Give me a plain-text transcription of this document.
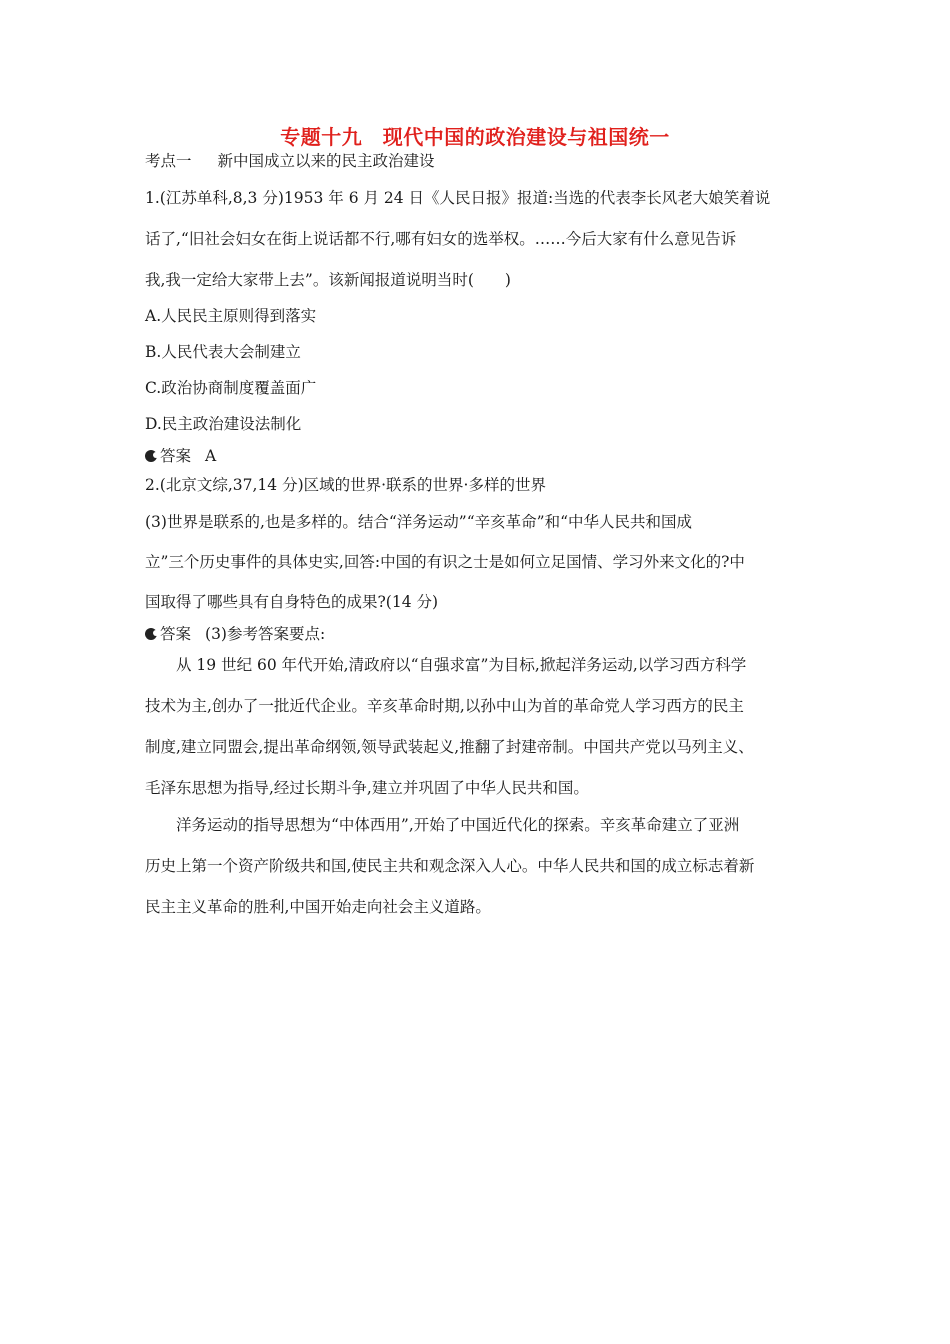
专题十九　现代中国的政治建设与祖国统一
考点一 新中国成立以来的民主政治建设
1.(江苏单科,8,3 分)1953 年 6 月 24 日《人民日报》报道:当选的代表李长风老大娘笑着说
话了,“旧社会妇女在街上说话都不行,哪有妇女的选举权。……今后大家有什么意见告诉
我,我一定给大家带上去”。该新闻报道说明当时(　　)
A.人民民主原则得到落实
B.人民代表大会制建立
C.政治协商制度覆盖面广
D.民主政治建设法制化
答案 A
2.(北京文综,37,14 分)区域的世界·联系的世界·多样的世界
(3)世界是联系的,也是多样的。结合“洋务运动”“辛亥革命”和“中华人民共和国成
立”三个历史事件的具体史实,回答:中国的有识之士是如何立足国情、学习外来文化的?中
国取得了哪些具有自身特色的成果?(14 分)
答案 (3)参考答案要点:
从 19 世纪 60 年代开始,清政府以“自强求富”为目标,掀起洋务运动,以学习西方科学
技术为主,创办了一批近代企业。辛亥革命时期,以孙中山为首的革命党人学习西方的民主
制度,建立同盟会,提出革命纲领,领导武装起义,推翻了封建帝制。中国共产党以马列主义、
毛泽东思想为指导,经过长期斗争,建立并巩固了中华人民共和国。
洋务运动的指导思想为“中体西用”,开始了中国近代化的探索。辛亥革命建立了亚洲
历史上第一个资产阶级共和国,使民主共和观念深入人心。中华人民共和国的成立标志着新
民主主义革命的胜利,中国开始走向社会主义道路。
